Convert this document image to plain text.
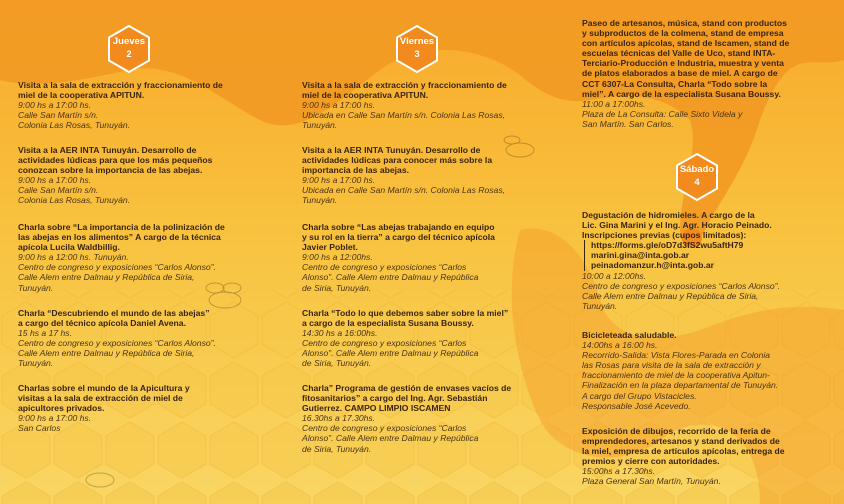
Jueves
2
Visita a la sala de extracción y fraccionamiento de
miel de la cooperativa APITUN.
9:00 hs a 17:00 hs.
Calle San Martín s/n.
Colonia Las Rosas, Tunuyán.
Visita a la AER INTA Tunuyán. Desarrollo de
actividades lúdicas para que los más pequeños
conozcan sobre la importancia de las abejas.
9:00 hs a 17:00 hs.
Calle San Martín s/n.
Colonia Las Rosas, Tunuyán.
Charla sobre “La importancia de la polinización de
las abejas en los alimentos” A cargo de la técnica
apícola Lucila Waldbillig.
9:00 hs a 12:00 hs. Tunuyán.
Centro de congreso y exposiciones “Carlos Alonso”.
Calle Alem entre Dalmau y República de Siria,
Tunuyán.
Charla “Descubriendo el mundo de las abejas”
a cargo del técnico apícola Daniel Avena.
15 hs a 17 hs.
Centro de congreso y exposiciones “Carlos Alonso”.
Calle Alem entre Dalmau y República de Siria,
Tunuyán.
Charlas sobre el mundo de la Apicultura y
visitas a la sala de extracción de miel de
apicultores privados.
9:00 hs a 17:00 hs.
San Carlos
Viernes
3
Visita a la sala de extracción y fraccionamiento de
miel de la cooperativa APITUN.
9:00 hs a 17:00 hs.
Ubicada en Calle San Martín s/n. Colonia Las Rosas,
Tunuyán.
Visita a la AER INTA Tunuyán. Desarrollo de
actividades lúdicas para conocer más sobre la
importancia de las abejas.
9:00 hs a 17:00 hs.
Ubicada en Calle San Martín s/n. Colonia Las Rosas,
Tunuyán.
Charla sobre “Las abejas trabajando en equipo
y su rol en la tierra” a cargo del técnico apícola
Javier Poblet.
9:00 hs a 12:00hs.
Centro de congreso y exposiciones “Carlos
Alonso”. Calle Alem entre Dalmau y República
de Siria, Tunuyán.
Charla “Todo lo que debemos saber sobre la miel”
a cargo de la especialista Susana Boussy.
14:30 hs a 16:00hs.
Centro de congreso y exposiciones “Carlos
Alonso”. Calle Alem entre Dalmau y República
de Siria, Tunuyán.
Charla” Programa de gestión de envases vacíos de
fitosanitarios” a cargo del Ing. Agr. Sebastián
Gutierrez. CAMPO LIMPIO ISCAMEN
16.30hs a 17.30hs.
Centro de congreso y exposiciones “Carlos
Alonso”. Calle Alem entre Dalmau y República
de Siria, Tunuyán.
Paseo de artesanos, música, stand con productos
y subproductos de la colmena, stand de empresa
con artículos apícolas, stand de Iscamen, stand de
escuelas técnicas del Valle de Uco, stand INTA-
Terciario-Producción e Industria, muestra y venta
de platos elaborados a base de miel. A cargo de
CCT 6307-La Consulta, Charla “Todo sobre la
miel”. A cargo de la especialista Susana Boussy.
11:00 a 17:00hs.
Plaza de La Consulta: Calle Sixto Videla y
San Martín. San Carlos.
Sábado
4
Degustación de hidromieles. A cargo de la
Lic. Gina Marini y el Ing. Agr. Horacio Peinado.
Inscripciones previas (cupos limitados):
https://forms.gle/oD7d3fS2wu5aftH79
marini.gina@inta.gob.ar
peinadomanzur.h@inta.gob.ar
10:00 a 12:00hs.
Centro de congreso y exposiciones “Carlos Alonso”.
Calle Alem entre Dalmau y República de Siria,
Tunuyán.
Bicicleteada saludable.
14:00hs a 16:00 hs.
Recorrido-Salida: Vista Flores-Parada en Colonia
las Rosas para visita de la sala de extracción y
fraccionamiento de miel de la cooperativa Apitun-
Finalización en la plaza departamental de Tunuyán.
A cargo del Grupo Vistacicles.
Responsable José Acevedo.
Exposición de dibujos, recorrido de la feria de
emprendedores, artesanos y stand derivados de
la miel, empresa de artículos apícolas, entrega de
premios y cierre con autoridades.
15:00hs a 17.30hs.
Plaza General San Martín, Tunuyán.
